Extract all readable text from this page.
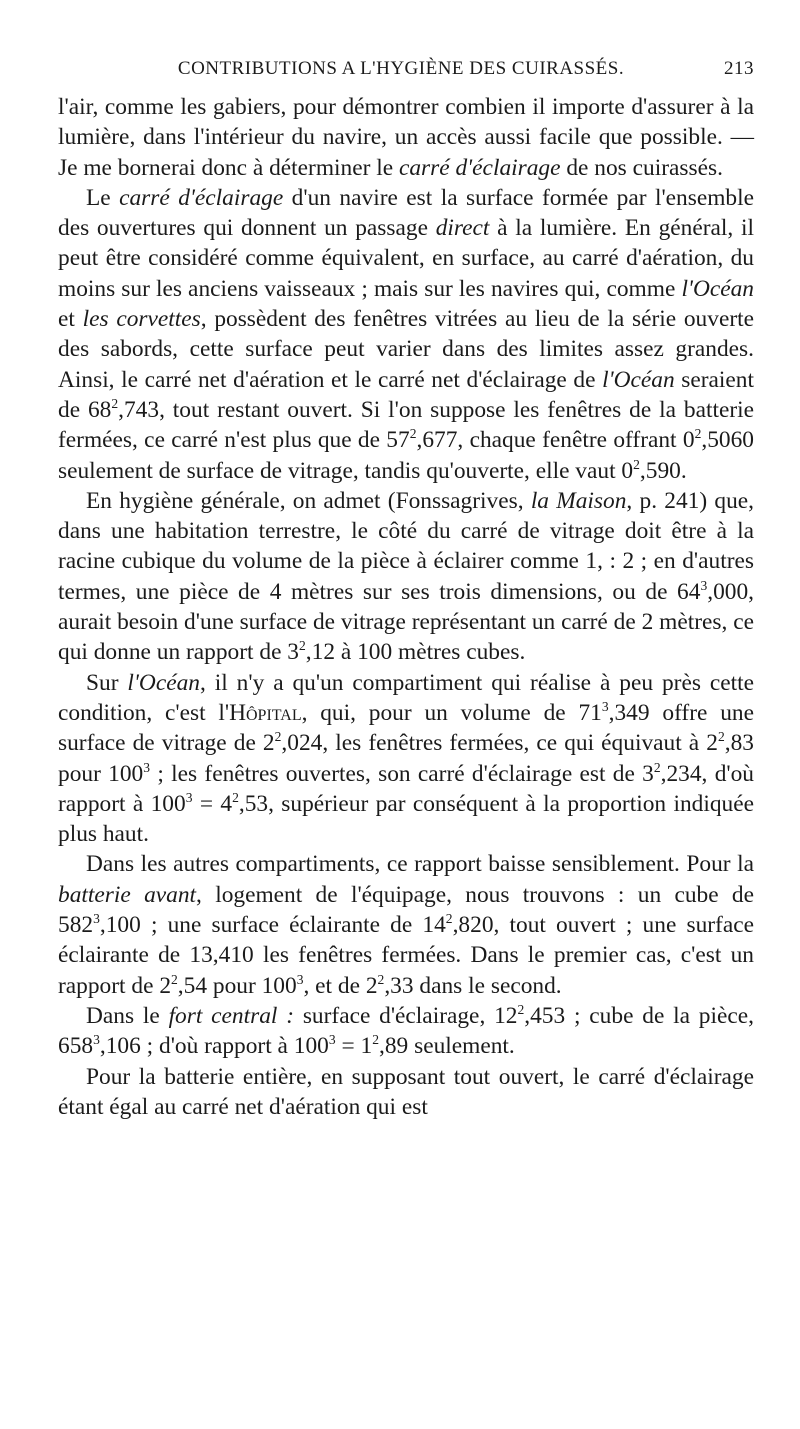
CONTRIBUTIONS A L'HYGIÈNE DES CUIRASSÉS.	213

l'air, comme les gabiers, pour démontrer combien il importe d'assurer à la lumière, dans l'intérieur du navire, un accès aussi facile que possible. — Je me bornerai donc à déterminer le carré d'éclairage de nos cuirassés.

Le carré d'éclairage d'un navire est la surface formée par l'ensemble des ouvertures qui donnent un passage direct à la lumière. En général, il peut être considéré comme équivalent, en surface, au carré d'aération, du moins sur les anciens vaisseaux ; mais sur les navires qui, comme l'Océan et les corvettes, possèdent des fenêtres vitrées au lieu de la série ouverte des sabords, cette surface peut varier dans des limites assez grandes. Ainsi, le carré net d'aération et le carré net d'éclairage de l'Océan seraient de $68^2,743$, tout restant ouvert. Si l'on suppose les fenêtres de la batterie fermées, ce carré n'est plus que de $57^2,677$, chaque fenêtre offrant $0^2,5060$ seulement de surface de vitrage, tandis qu'ouverte, elle vaut $0^2,590$.

En hygiène générale, on admet (Fonssagrives, la Maison, p. 241) que, dans une habitation terrestre, le côté du carré de vitrage doit être à la racine cubique du volume de la pièce à éclairer comme 1, : 2 ; en d'autres termes, une pièce de 4 mètres sur ses trois dimensions, ou de $64^3,000$, aurait besoin d'une surface de vitrage représentant un carré de 2 mètres, ce qui donne un rapport de $3^2,12$ à 100 mètres cubes.

Sur l'Océan, il n'y a qu'un compartiment qui réalise à peu près cette condition, c'est l'Hôpital, qui, pour un volume de $71^3,349$ offre une surface de vitrage de $2^2,024$, les fenêtres fermées, ce qui équivaut à $2^2,83$ pour $100^3$ ; les fenêtres ouvertes, son carré d'éclairage est de $3^2,234$, d'où rapport à $100^3 = 4^2,53$, supérieur par conséquent à la proportion indiquée plus haut.

Dans les autres compartiments, ce rapport baisse sensiblement. Pour la batterie avant, logement de l'équipage, nous trouvons : un cube de $582^3,100$ ; une surface éclairante de $14^2,820$, tout ouvert ; une surface éclairante de 13,410 les fenêtres fermées. Dans le premier cas, c'est un rapport de $2^2,54$ pour $100^3$, et de $2^2,33$ dans le second.

Dans le fort central : surface d'éclairage, $12^2,453$ ; cube de la pièce, $658^3,106$ ; d'où rapport à $100^3 = 1^2,89$ seulement.

Pour la batterie entière, en supposant tout ouvert, le carré d'éclairage étant égal au carré net d'aération qui est
